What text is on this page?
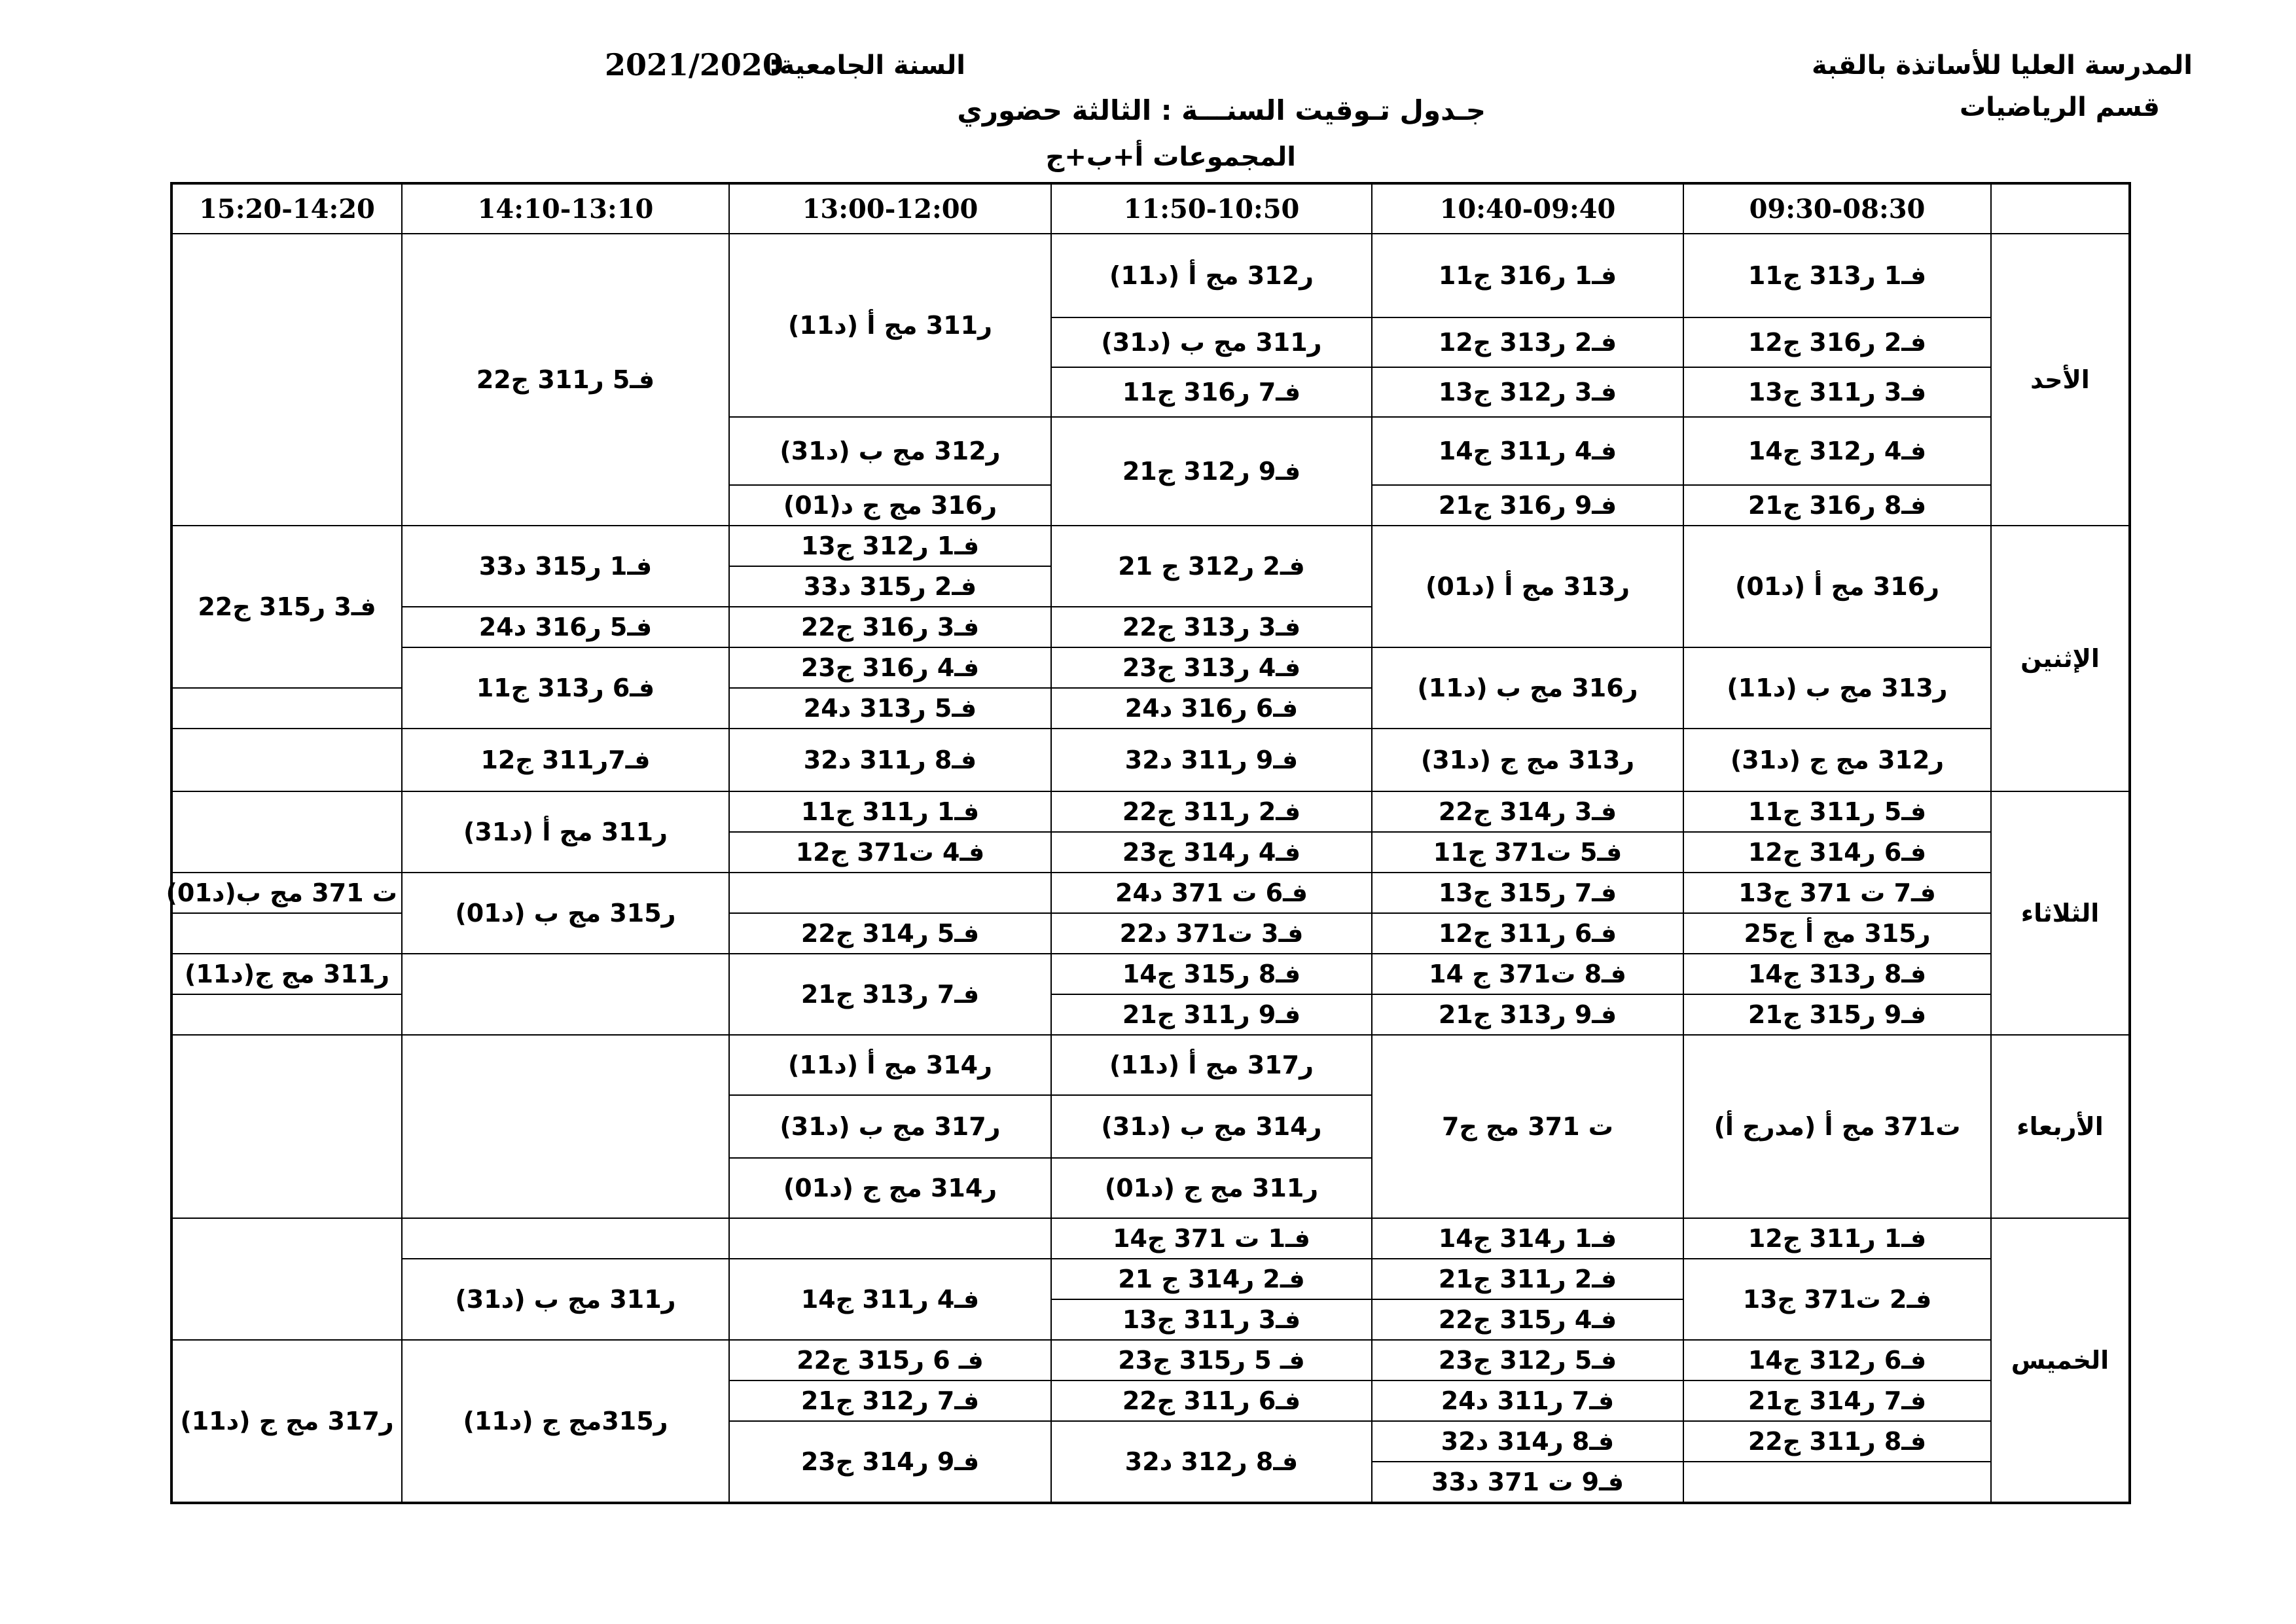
المدرسة العليا للأساتذة بالقبة
قسم الرياضيات
السنة الجامعية:
2021/2020
جـدول تـوقيت السنـــة : الثالثة حضوري
المجموعات أ+ب+ج
	09:30-08:30	10:40-09:40	11:50-10:50	13:00-12:00	14:10-13:10	15:20-14:20
الأحد	فـ1 ر313 ج11	فـ1 ر316 ج11	ر312 مج أ (د11)	ر311 مج أ (د11)	فـ5 ر311 ج22	
	فـ2 ر316 ج12	فـ2 ر313 ج12	ر311 مج ب (د31)			
	فـ3 ر311 ج13	فـ3 ر312 ج13	فـ7 ر316 ج11			
	فـ4 ر312 ج14	فـ4 ر311 ج14	فـ9 ر312 ج21	ر312 مج ب (د31)		
	فـ8 ر316 ج21	فـ9 ر316 ج21		ر316 مج ج د(01)		
الإثنين	ر316 مج أ (د01)	ر313 مج أ (د01)	فـ2 ر312 ج 21	فـ1 ر312 ج13	فـ1 ر315 د33	فـ3 ر315 ج22
				فـ2 ر315 د33		
			فـ3 ر313 ج22	فـ3 ر316 ج22	فـ5 ر316 د24	
	ر313 مج ب (د11)	ر316 مج ب (د11)	فـ4 ر313 ج23	فـ4 ر316 ج23	فـ6 ر313 ج11	
			فـ6 ر316 د24	فـ5 ر313 د24		
	ر312 مج ج (د31)	ر313 مج ج (د31)	فـ9 ر311 د32	فـ8 ر311 د32	فـ7ر311 ج12	
الثلاثاء	فـ5 ر311 ج11	فـ3 ر314 ج22	فـ2 ر311 ج22	فـ1 ر311 ج11	ر311 مج أ (د31)	
	فـ6 ر314 ج12	فـ5 ت371 ج11	فـ4 ر314 ج23	فـ4 ت371 ج12		
	فـ7 ت 371 ج13	فـ7 ر315 ج13	فـ6 ت 371 د24		ر315 مج ب (د01)	ت 371 مج ب(د01)
	ر315 مج أ ج25	فـ6 ر311 ج12	فـ3 ت371 د22	فـ5 ر314 ج22		
	فـ8 ر313 ج14	فـ8 ت371 ج 14	فـ8 ر315 ج14	فـ7 ر313 ج21		ر311 مج ج(د11)
	فـ9 ر315 ج21	فـ9 ر313 ج21	فـ9 ر311 ج21			
الأربعاء	ت371 مج أ (مدرج أ)	ت 371 مج ج7	ر317 مج أ (د11)	ر314 مج أ (د11)		
			ر314 مج ب (د31)	ر317 مج ب (د31)		
			ر311 مج ج (د01)	ر314 مج ج (د01)		
الخميس	فـ1 ر311 ج12	فـ1 ر314 ج14	فـ1 ت 371 ج14			
	فـ2 ت371 ج13	فـ2 ر311 ج21	فـ2 ر314 ج 21	فـ4 ر311 ج14	ر311 مج ب (د31)	
		فـ4 ر315 ج22	فـ3 ر311 ج13			
	فـ6 ر312 ج14	فـ5 ر312 ج23	فـ 5 ر315 ج23	فـ 6 ر315 ج22	ر315مج ج (د11)	ر317 مج ج (د11)
	فـ7 ر314 ج21	فـ7 ر311 د24	فـ6 ر311 ج22	فـ7 ر312 ج21		
	فـ8 ر311 ج22	فـ8 ر314 د32	فـ8 ر312 د32	فـ9 ر314 ج23		
		فـ9 ت 371 د33				
